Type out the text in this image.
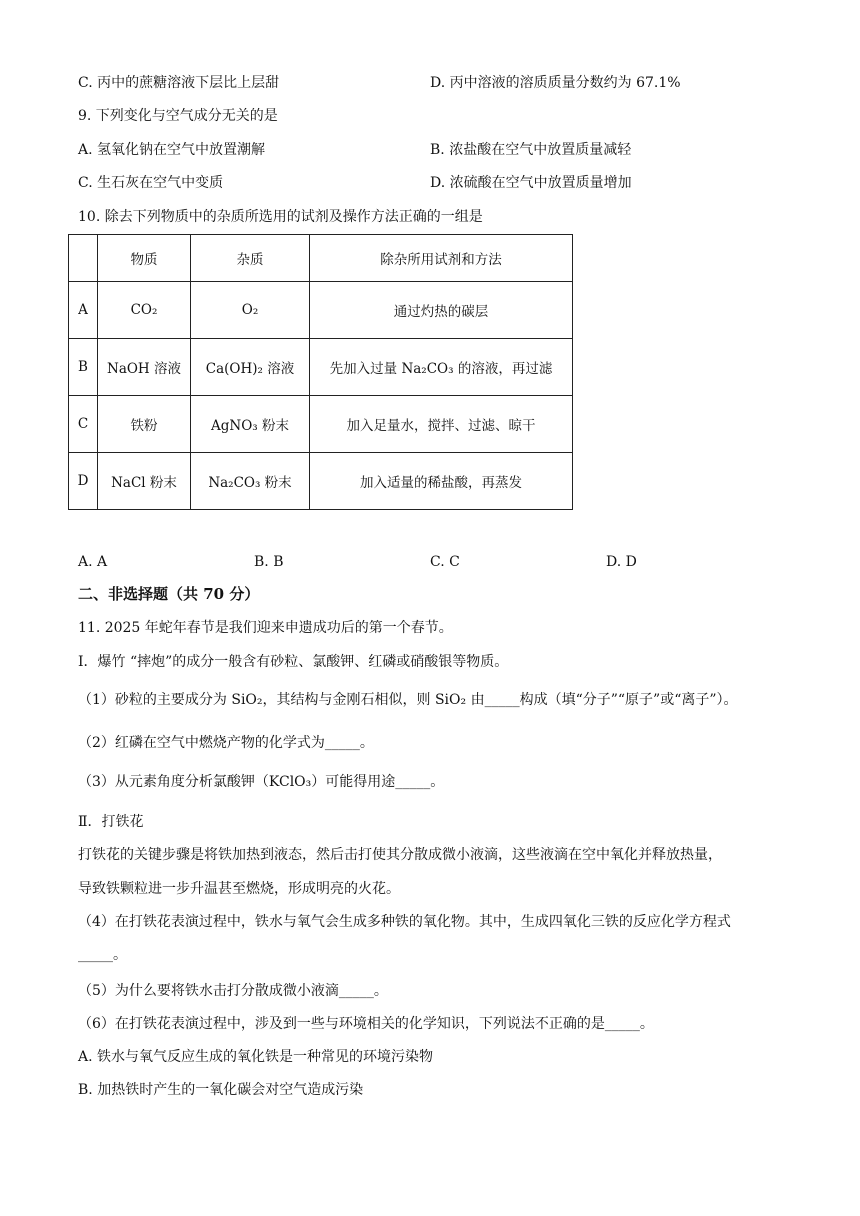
C. 丙中的蔗糖溶液下层比上层甜	D. 丙中溶液的溶质质量分数约为 67.1%
9. 下列变化与空气成分无关的是
A. 氢氧化钠在空气中放置潮解	B. 浓盐酸在空气中放置质量减轻
C. 生石灰在空气中变质	D. 浓硫酸在空气中放置质量增加
10. 除去下列物质中的杂质所选用的试剂及操作方法正确的一组是
	物质	杂质	除杂所用试剂和方法
A	CO₂	O₂	通过灼热的碳层
B	NaOH 溶液	Ca(OH)₂ 溶液	先加入过量 Na₂CO₃ 的溶液，再过滤
C	铁粉	AgNO₃ 粉末	加入足量水，搅拌、过滤、晾干
D	NaCl 粉末	Na₂CO₃ 粉末	加入适量的稀盐酸，再蒸发
A. A	B. B	C. C	D. D
二、非选择题（共 70 分）
11. 2025 年蛇年春节是我们迎来申遗成功后的第一个春节。
Ⅰ．爆竹 “摔炮”的成分一般含有砂粒、氯酸钾、红磷或硝酸银等物质。
（1）砂粒的主要成分为 SiO₂，其结构与金刚石相似，则 SiO₂ 由_____构成（填“分子”“原子”或“离子”）。
（2）红磷在空气中燃烧产物的化学式为_____。
（3）从元素角度分析氯酸钾（KClO₃）可能得用途_____。
Ⅱ．打铁花
打铁花的关键步骤是将铁加热到液态，然后击打使其分散成微小液滴，这些液滴在空中氧化并释放热量，
导致铁颗粒进一步升温甚至燃烧，形成明亮的火花。
（4）在打铁花表演过程中，铁水与氧气会生成多种铁的氧化物。其中，生成四氧化三铁的反应化学方程式
_____。
（5）为什么要将铁水击打分散成微小液滴_____。
（6）在打铁花表演过程中，涉及到一些与环境相关的化学知识，下列说法不正确的是_____。
A. 铁水与氧气反应生成的氧化铁是一种常见的环境污染物
B. 加热铁时产生的一氧化碳会对空气造成污染
